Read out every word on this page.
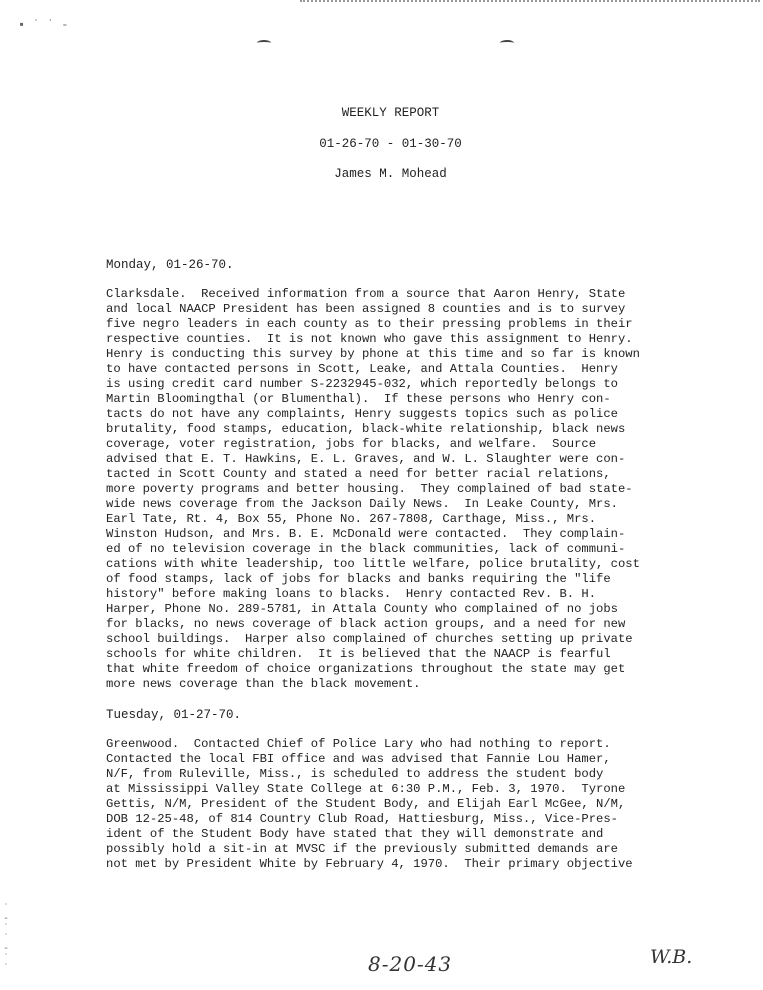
▪ ˙ ˙ ‐
WEEKLY REPORT
01-26-70 - 01-30-70
James M. Mohead
Monday, 01-26-70.

Clarksdale.  Received information from a source that Aaron Henry, State
and local NAACP President has been assigned 8 counties and is to survey
five negro leaders in each county as to their pressing problems in their
respective counties.  It is not known who gave this assignment to Henry.
Henry is conducting this survey by phone at this time and so far is known
to have contacted persons in Scott, Leake, and Attala Counties.  Henry
is using credit card number S-2232945-032, which reportedly belongs to
Martin Bloomingthal (or Blumenthal).  If these persons who Henry con-
tacts do not have any complaints, Henry suggests topics such as police
brutality, food stamps, education, black-white relationship, black news
coverage, voter registration, jobs for blacks, and welfare.  Source
advised that E. T. Hawkins, E. L. Graves, and W. L. Slaughter were con-
tacted in Scott County and stated a need for better racial relations,
more poverty programs and better housing.  They complained of bad state-
wide news coverage from the Jackson Daily News.  In Leake County, Mrs.
Earl Tate, Rt. 4, Box 55, Phone No. 267-7808, Carthage, Miss., Mrs.
Winston Hudson, and Mrs. B. E. McDonald were contacted.  They complain-
ed of no television coverage in the black communities, lack of communi-
cations with white leadership, too little welfare, police brutality, cost
of food stamps, lack of jobs for blacks and banks requiring the "life
history" before making loans to blacks.  Henry contacted Rev. B. H.
Harper, Phone No. 289-5781, in Attala County who complained of no jobs
for blacks, no news coverage of black action groups, and a need for new
school buildings.  Harper also complained of churches setting up private
schools for white children.  It is believed that the NAACP is fearful
that white freedom of choice organizations throughout the state may get
more news coverage than the black movement.

Tuesday, 01-27-70.

Greenwood.  Contacted Chief of Police Lary who had nothing to report.
Contacted the local FBI office and was advised that Fannie Lou Hamer,
N/F, from Ruleville, Miss., is scheduled to address the student body
at Mississippi Valley State College at 6:30 P.M., Feb. 3, 1970.  Tyrone
Gettis, N/M, President of the Student Body, and Elijah Earl McGee, N/M,
DOB 12-25-48, of 814 Country Club Road, Hattiesburg, Miss., Vice-Pres-
ident of the Student Body have stated that they will demonstrate and
possibly hold a sit-in at MVSC if the previously submitted demands are
not met by President White by February 4, 1970.  Their primary objective

8-20-43	W.B.
˙
‐
˙
˙
‐
˙
˙
